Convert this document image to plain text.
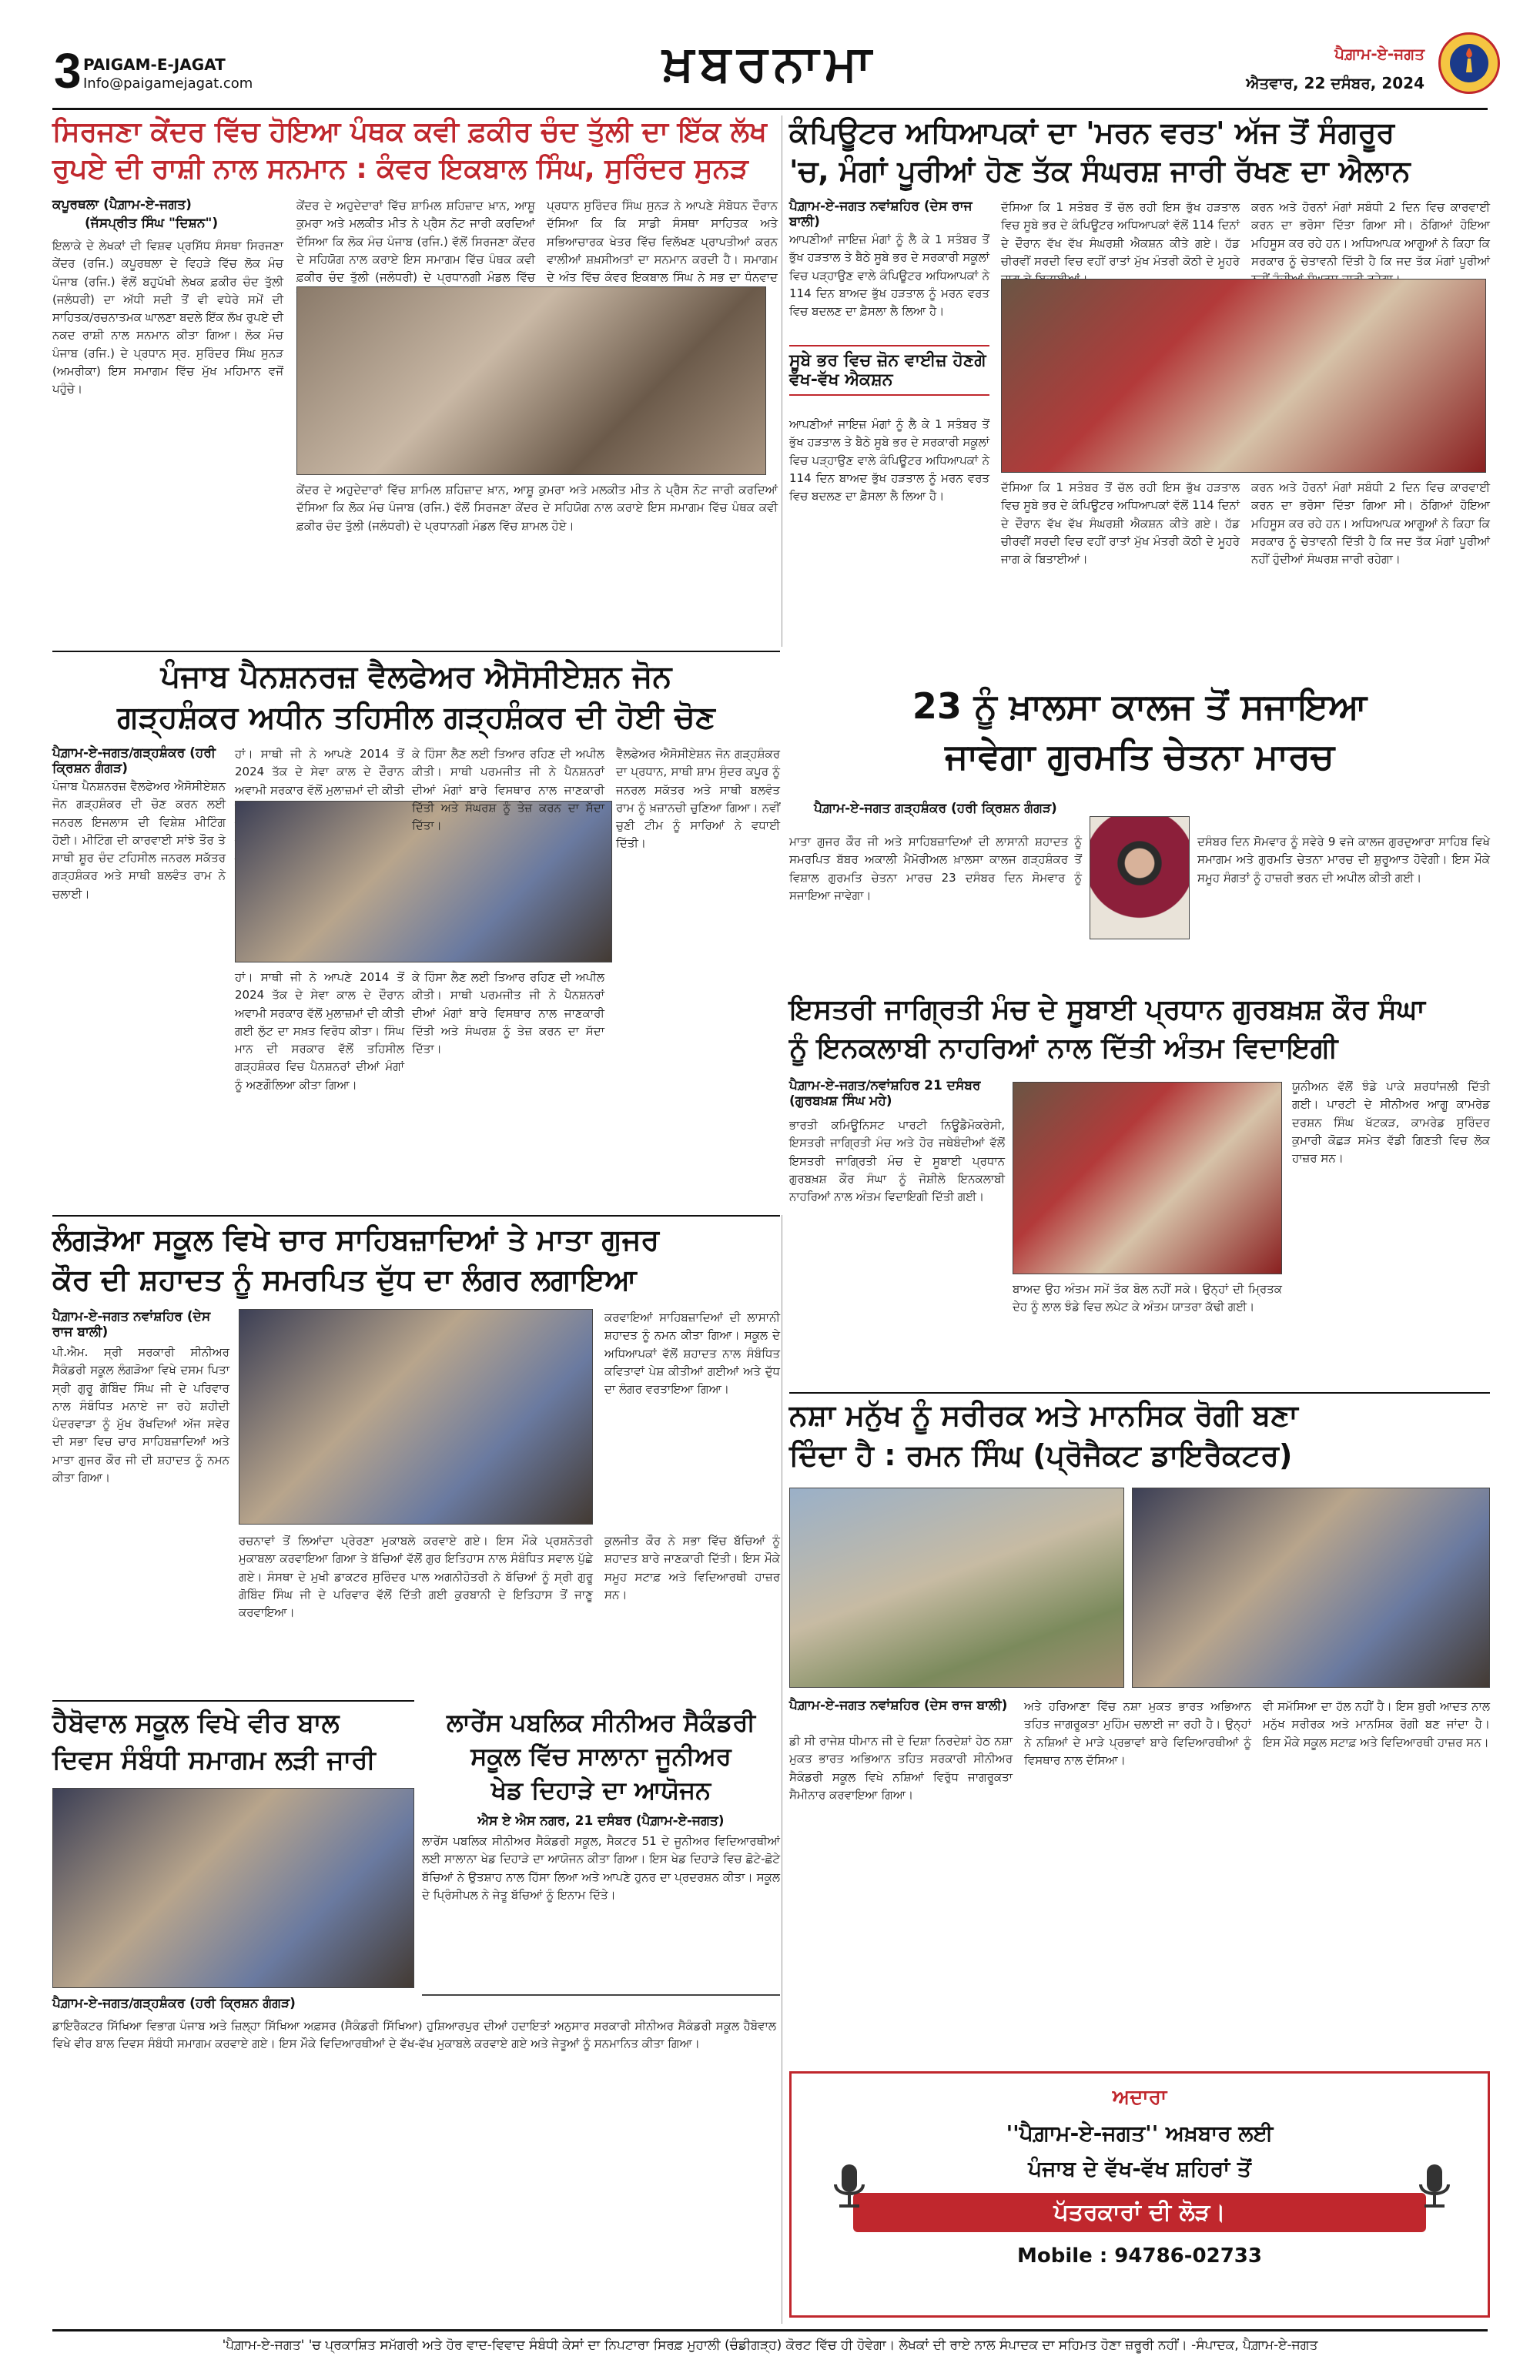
3 PAIGAM-E-JAGAT
Info@paigamejagat.com	ਖ਼ਬਰਨਾਮਾ	ਪੈਗ਼ਾਮ-ਏ-ਜਗਤ
ਐਤਵਾਰ, 22 ਦਸੰਬਰ, 2024
ਸਿਰਜਣਾ ਕੇਂਦਰ ਵਿੱਚ ਹੋਇਆ ਪੰਥਕ ਕਵੀ ਫ਼ਕੀਰ ਚੰਦ ਤੁੱਲੀ ਦਾ ਇੱਕ ਲੱਖ
ਰੁਪਏ ਦੀ ਰਾਸ਼ੀ ਨਾਲ ਸਨਮਾਨ : ਕੰਵਰ ਇਕਬਾਲ ਸਿੰਘ, ਸੁਰਿੰਦਰ ਸੁਨੜ
ਕਪੂਰਥਲਾ (ਪੈਗ਼ਾਮ-ਏ-ਜਗਤ)
(ਜੱਸਪ੍ਰੀਤ ਸਿੰਘ "ਦਿਸ਼ਨ")
ਇਲਾਕੇ ਦੇ ਲੇਖਕਾਂ ਦੀ ਵਿਸ਼ਵ ਪ੍ਰਸਿੱਧ ਸੰਸਥਾ ਸਿਰਜਣਾ ਕੇਂਦਰ (ਰਜਿ.) ਕਪੂਰਥਲਾ ਦੇ ਵਿਹੜੇ ਵਿੱਚ ਲੋਕ ਮੰਚ ਪੰਜਾਬ (ਰਜਿ.) ਵੱਲੋਂ ਬਹੁਪੱਖੀ ਲੇਖਕ ਫ਼ਕੀਰ ਚੰਦ ਤੁੱਲੀ (ਜਲੰਧਰੀ) ਦਾ ਅੱਧੀ ਸਦੀ ਤੋਂ ਵੀ ਵਧੇਰੇ ਸਮੇਂ ਦੀ ਸਾਹਿਤਕ/ਰਚਨਾਤਮਕ ਘਾਲਣਾ ਬਦਲੇ ਇੱਕ ਲੱਖ ਰੁਪਏ ਦੀ ਨਕਦ ਰਾਸ਼ੀ ਨਾਲ ਸਨਮਾਨ ਕੀਤਾ ਗਿਆ। ਲੋਕ ਮੰਚ ਪੰਜਾਬ (ਰਜਿ.) ਦੇ ਪ੍ਰਧਾਨ ਸ੍ਰ. ਸੁਰਿੰਦਰ ਸਿੰਘ ਸੁਨੜ (ਅਮਰੀਕਾ) ਇਸ ਸਮਾਗਮ ਵਿੱਚ ਮੁੱਖ ਮਹਿਮਾਨ ਵਜੋਂ ਪਹੁੰਚੇ।
ਕੇਂਦਰ ਦੇ ਅਹੁਦੇਦਾਰਾਂ ਵਿੱਚ ਸ਼ਾਮਿਲ ਸ਼ਹਿਜ਼ਾਦ ਖ਼ਾਨ, ਆਸ਼ੂ ਕੁਮਰਾ ਅਤੇ ਮਲਕੀਤ ਮੀਤ ਨੇ ਪ੍ਰੈਸ ਨੋਟ ਜਾਰੀ ਕਰਦਿਆਂ ਦੱਸਿਆ ਕਿ ਲੋਕ ਮੰਚ ਪੰਜਾਬ (ਰਜਿ.) ਵੱਲੋਂ ਸਿਰਜਣਾ ਕੇਂਦਰ ਦੇ ਸਹਿਯੋਗ ਨਾਲ ਕਰਾਏ ਇਸ ਸਮਾਗਮ ਵਿੱਚ ਪੰਥਕ ਕਵੀ ਫ਼ਕੀਰ ਚੰਦ ਤੁੱਲੀ (ਜਲੰਧਰੀ) ਦੇ ਪ੍ਰਧਾਨਗੀ ਮੰਡਲ ਵਿੱਚ
ਪ੍ਰਧਾਨ ਸੁਰਿੰਦਰ ਸਿੰਘ ਸੁਨੜ ਨੇ ਆਪਣੇ ਸੰਬੋਧਨ ਦੌਰਾਨ ਦੱਸਿਆ ਕਿ ਕਿ ਸਾਡੀ ਸੰਸਥਾ ਸਾਹਿਤਕ ਅਤੇ ਸਭਿਆਚਾਰਕ ਖੇਤਰ ਵਿੱਚ ਵਿਲੱਖਣ ਪ੍ਰਾਪਤੀਆਂ ਕਰਨ ਵਾਲੀਆਂ ਸ਼ਖ਼ਸੀਅਤਾਂ ਦਾ ਸਨਮਾਨ ਕਰਦੀ ਹੈ। ਸਮਾਗਮ ਦੇ ਅੰਤ ਵਿੱਚ ਕੰਵਰ ਇਕਬਾਲ ਸਿੰਘ ਨੇ ਸਭ ਦਾ ਧੰਨਵਾਦ
ਕੇਂਦਰ ਦੇ ਅਹੁਦੇਦਾਰਾਂ ਵਿੱਚ ਸ਼ਾਮਿਲ ਸ਼ਹਿਜ਼ਾਦ ਖ਼ਾਨ, ਆਸ਼ੂ ਕੁਮਰਾ ਅਤੇ ਮਲਕੀਤ ਮੀਤ ਨੇ ਪ੍ਰੈਸ ਨੋਟ ਜਾਰੀ ਕਰਦਿਆਂ ਦੱਸਿਆ ਕਿ ਲੋਕ ਮੰਚ ਪੰਜਾਬ (ਰਜਿ.) ਵੱਲੋਂ ਸਿਰਜਣਾ ਕੇਂਦਰ ਦੇ ਸਹਿਯੋਗ ਨਾਲ ਕਰਾਏ ਇਸ ਸਮਾਗਮ ਵਿੱਚ ਪੰਥਕ ਕਵੀ ਫ਼ਕੀਰ ਚੰਦ ਤੁੱਲੀ (ਜਲੰਧਰੀ) ਦੇ ਪ੍ਰਧਾਨਗੀ ਮੰਡਲ ਵਿੱਚ ਸ਼ਾਮਲ ਹੋਏ।
ਕੰਪਿਊਟਰ ਅਧਿਆਪਕਾਂ ਦਾ 'ਮਰਨ ਵਰਤ' ਅੱਜ ਤੋਂ ਸੰਗਰੂਰ
'ਚ, ਮੰਗਾਂ ਪੂਰੀਆਂ ਹੋਣ ਤੱਕ ਸੰਘਰਸ਼ ਜਾਰੀ ਰੱਖਣ ਦਾ ਐਲਾਨ
ਪੈਗ਼ਾਮ-ਏ-ਜਗਤ ਨਵਾਂਸ਼ਹਿਰ (ਦੇਸ ਰਾਜ ਬਾਲੀ)
ਆਪਣੀਆਂ ਜਾਇਜ਼ ਮੰਗਾਂ ਨੂੰ ਲੈ ਕੇ 1 ਸਤੰਬਰ ਤੋਂ ਭੁੱਖ ਹੜਤਾਲ ਤੇ ਬੈਠੇ ਸੂਬੇ ਭਰ ਦੇ ਸਰਕਾਰੀ ਸਕੂਲਾਂ ਵਿਚ ਪੜ੍ਹਾਉਣ ਵਾਲੇ ਕੰਪਿਊਟਰ ਅਧਿਆਪਕਾਂ ਨੇ 114 ਦਿਨ ਬਾਅਦ ਭੁੱਖ ਹੜਤਾਲ ਨੂੰ ਮਰਨ ਵਰਤ ਵਿਚ ਬਦਲਣ ਦਾ ਫ਼ੈਸਲਾ ਲੈ ਲਿਆ ਹੈ।
ਸੂਬੇ ਭਰ ਵਿਚ ਜ਼ੋਨ ਵਾਈਜ਼ ਹੋਣਗੇ ਵੱਖ-ਵੱਖ ਐਕਸ਼ਨ
ਆਪਣੀਆਂ ਜਾਇਜ਼ ਮੰਗਾਂ ਨੂੰ ਲੈ ਕੇ 1 ਸਤੰਬਰ ਤੋਂ ਭੁੱਖ ਹੜਤਾਲ ਤੇ ਬੈਠੇ ਸੂਬੇ ਭਰ ਦੇ ਸਰਕਾਰੀ ਸਕੂਲਾਂ ਵਿਚ ਪੜ੍ਹਾਉਣ ਵਾਲੇ ਕੰਪਿਊਟਰ ਅਧਿਆਪਕਾਂ ਨੇ 114 ਦਿਨ ਬਾਅਦ ਭੁੱਖ ਹੜਤਾਲ ਨੂੰ ਮਰਨ ਵਰਤ ਵਿਚ ਬਦਲਣ ਦਾ ਫ਼ੈਸਲਾ ਲੈ ਲਿਆ ਹੈ।
ਦੱਸਿਆ ਕਿ 1 ਸਤੰਬਰ ਤੋਂ ਚੱਲ ਰਹੀ ਇਸ ਭੁੱਖ ਹੜਤਾਲ ਵਿਚ ਸੂਬੇ ਭਰ ਦੇ ਕੰਪਿਊਟਰ ਅਧਿਆਪਕਾਂ ਵੱਲੋਂ 114 ਦਿਨਾਂ ਦੇ ਦੌਰਾਨ ਵੱਖ ਵੱਖ ਸੰਘਰਸ਼ੀ ਐਕਸ਼ਨ ਕੀਤੇ ਗਏ। ਹੱਡ ਚੀਰਵੀਂ ਸਰਦੀ ਵਿਚ ਵਹੀਂ ਰਾਤਾਂ ਮੁੱਖ ਮੰਤਰੀ ਕੋਠੀ ਦੇ ਮੂਹਰੇ
ਕਰਨ ਅਤੇ ਹੋਰਨਾਂ ਮੰਗਾਂ ਸਬੰਧੀ 2 ਦਿਨ ਵਿਚ ਕਾਰਵਾਈ ਕਰਨ ਦਾ ਭਰੋਸਾ ਦਿੱਤਾ ਗਿਆ ਸੀ। ਠੋਗਿਆਂ ਹੋਇਆ ਮਹਿਸੂਸ ਕਰ ਰਹੇ ਹਨ। ਅਧਿਆਪਕ ਆਗੂਆਂ ਨੇ ਕਿਹਾ ਕਿ ਸਰਕਾਰ ਨੂੰ ਚੇਤਾਵਨੀ ਦਿੱਤੀ ਹੈ ਕਿ ਜਦ ਤੱਕ ਮੰਗਾਂ ਪੂਰੀਆਂ
ਦੱਸਿਆ ਕਿ 1 ਸਤੰਬਰ ਤੋਂ ਚੱਲ ਰਹੀ ਇਸ ਭੁੱਖ ਹੜਤਾਲ ਵਿਚ ਸੂਬੇ ਭਰ ਦੇ ਕੰਪਿਊਟਰ ਅਧਿਆਪਕਾਂ ਵੱਲੋਂ 114 ਦਿਨਾਂ ਦੇ ਦੌਰਾਨ ਵੱਖ ਵੱਖ ਸੰਘਰਸ਼ੀ ਐਕਸ਼ਨ ਕੀਤੇ ਗਏ। ਹੱਡ ਚੀਰਵੀਂ ਸਰਦੀ ਵਿਚ ਵਹੀਂ ਰਾਤਾਂ ਮੁੱਖ ਮੰਤਰੀ ਕੋਠੀ ਦੇ ਮੂਹਰੇ ਜਾਗ ਕੇ ਬਿਤਾਈਆਂ।
ਕਰਨ ਅਤੇ ਹੋਰਨਾਂ ਮੰਗਾਂ ਸਬੰਧੀ 2 ਦਿਨ ਵਿਚ ਕਾਰਵਾਈ ਕਰਨ ਦਾ ਭਰੋਸਾ ਦਿੱਤਾ ਗਿਆ ਸੀ। ਠੋਗਿਆਂ ਹੋਇਆ ਮਹਿਸੂਸ ਕਰ ਰਹੇ ਹਨ। ਅਧਿਆਪਕ ਆਗੂਆਂ ਨੇ ਕਿਹਾ ਕਿ ਸਰਕਾਰ ਨੂੰ ਚੇਤਾਵਨੀ ਦਿੱਤੀ ਹੈ ਕਿ ਜਦ ਤੱਕ ਮੰਗਾਂ ਪੂਰੀਆਂ ਨਹੀਂ ਹੁੰਦੀਆਂ ਸੰਘਰਸ਼ ਜਾਰੀ ਰਹੇਗਾ।
ਪੰਜਾਬ ਪੈਨਸ਼ਨਰਜ਼ ਵੈਲਫੇਅਰ ਐਸੋਸੀਏਸ਼ਨ ਜੋਨ
ਗੜ੍ਹਸ਼ੰਕਰ ਅਧੀਨ ਤਹਿਸੀਲ ਗੜ੍ਹਸ਼ੰਕਰ ਦੀ ਹੋਈ ਚੋਣ
ਪੈਗ਼ਾਮ-ਏ-ਜਗਤ/ਗੜ੍ਹਸ਼ੰਕਰ (ਹਰੀ ਕ੍ਰਿਸ਼ਨ ਗੰਗੜ)
ਪੰਜਾਬ ਪੈਨਸ਼ਨਰਜ਼ ਵੈਲਫੇਅਰ ਐਸੋਸੀਏਸ਼ਨ ਜੋਨ ਗੜ੍ਹਸ਼ੰਕਰ ਦੀ ਚੋਣ ਕਰਨ ਲਈ ਜਨਰਲ ਇਜਲਾਸ ਦੀ ਵਿਸ਼ੇਸ਼ ਮੀਟਿੰਗ ਹੋਈ। ਮੀਟਿੰਗ ਦੀ ਕਾਰਵਾਈ ਸਾਂਝੇ ਤੌਰ ਤੇ ਸਾਥੀ ਸ਼ੂਰ ਚੰਦ ਟਹਿਸੀਲ ਜਨਰਲ ਸਕੱਤਰ ਗੜ੍ਹਸ਼ੰਕਰ ਅਤੇ ਸਾਥੀ ਬਲਵੰਤ ਰਾਮ ਨੇ ਚਲਾਈ।
ਹਾਂ। ਸਾਥੀ ਜੀ ਨੇ ਆਪਣੇ 2014 ਤੋਂ 2024 ਤੱਕ ਦੇ ਸੇਵਾ ਕਾਲ ਦੇ ਦੌਰਾਨ ਅਵਾਮੀ ਸਰਕਾਰ ਵੱਲੋਂ ਮੁਲਾਜ਼ਮਾਂ ਦੀ ਕੀਤੀ
ਹਾਂ। ਸਾਥੀ ਜੀ ਨੇ ਆਪਣੇ 2014 ਤੋਂ 2024 ਤੱਕ ਦੇ ਸੇਵਾ ਕਾਲ ਦੇ ਦੌਰਾਨ ਅਵਾਮੀ ਸਰਕਾਰ ਵੱਲੋਂ ਮੁਲਾਜ਼ਮਾਂ ਦੀ ਕੀਤੀ ਗਈ ਲੁੱਟ ਦਾ ਸਖ਼ਤ ਵਿਰੋਧ ਕੀਤਾ। ਸਿੰਘ ਮਾਨ ਦੀ ਸਰਕਾਰ ਵੱਲੋਂ ਤਹਿਸੀਲ ਗੜ੍ਹਸ਼ੰਕਰ ਵਿਚ ਪੈਨਸ਼ਨਰਾਂ ਦੀਆਂ ਮੰਗਾਂ ਨੂੰ ਅਣਗੌਲਿਆ ਕੀਤਾ ਗਿਆ।
ਕੇ ਹਿੰਸਾ ਲੈਣ ਲਈ ਤਿਆਰ ਰਹਿਣ ਦੀ ਅਪੀਲ ਕੀਤੀ। ਸਾਥੀ ਪਰਮਜੀਤ ਜੀ ਨੇ ਪੈਨਸ਼ਨਰਾਂ ਦੀਆਂ ਮੰਗਾਂ ਬਾਰੇ ਵਿਸਥਾਰ ਨਾਲ ਜਾਣਕਾਰੀ ਦਿੱਤੀ ਅਤੇ ਸੰਘਰਸ਼ ਨੂੰ ਤੇਜ਼ ਕਰਨ ਦਾ ਸੱਦਾ ਦਿੱਤਾ।
ਕੇ ਹਿੰਸਾ ਲੈਣ ਲਈ ਤਿਆਰ ਰਹਿਣ ਦੀ ਅਪੀਲ ਕੀਤੀ। ਸਾਥੀ ਪਰਮਜੀਤ ਜੀ ਨੇ ਪੈਨਸ਼ਨਰਾਂ ਦੀਆਂ ਮੰਗਾਂ ਬਾਰੇ ਵਿਸਥਾਰ ਨਾਲ ਜਾਣਕਾਰੀ ਦਿੱਤੀ ਅਤੇ ਸੰਘਰਸ਼ ਨੂੰ ਤੇਜ਼ ਕਰਨ ਦਾ ਸੱਦਾ ਦਿੱਤਾ।
ਵੈਲਫੇਅਰ ਐਸੋਸੀਏਸ਼ਨ ਜੋਨ ਗੜ੍ਹਸ਼ੰਕਰ ਦਾ ਪ੍ਰਧਾਨ, ਸਾਥੀ ਸ਼ਾਮ ਸੁੰਦਰ ਕਪੂਰ ਨੂੰ ਜਨਰਲ ਸਕੱਤਰ ਅਤੇ ਸਾਥੀ ਬਲਵੰਤ ਰਾਮ ਨੂੰ ਖ਼ਜ਼ਾਨਚੀ ਚੁਣਿਆ ਗਿਆ। ਨਵੀਂ ਚੁਣੀ ਟੀਮ ਨੂੰ ਸਾਰਿਆਂ ਨੇ ਵਧਾਈ ਦਿੱਤੀ।
23 ਨੂੰ ਖ਼ਾਲਸਾ ਕਾਲਜ ਤੋਂ ਸਜਾਇਆ
ਜਾਵੇਗਾ ਗੁਰਮਤਿ ਚੇਤਨਾ ਮਾਰਚ
ਪੈਗ਼ਾਮ-ਏ-ਜਗਤ ਗੜ੍ਹਸ਼ੰਕਰ (ਹਰੀ ਕ੍ਰਿਸ਼ਨ ਗੰਗੜ)
ਮਾਤਾ ਗੁਜਰ ਕੌਰ ਜੀ ਅਤੇ ਸਾਹਿਬਜ਼ਾਦਿਆਂ ਦੀ ਲਾਸਾਨੀ ਸ਼ਹਾਦਤ ਨੂੰ ਸਮਰਪਿਤ ਬੱਬਰ ਅਕਾਲੀ ਮੈਮੋਰੀਅਲ ਖ਼ਾਲਸਾ ਕਾਲਜ ਗੜ੍ਹਸ਼ੰਕਰ ਤੋਂ ਵਿਸ਼ਾਲ ਗੁਰਮਤਿ ਚੇਤਨਾ ਮਾਰਚ 23 ਦਸੰਬਰ ਦਿਨ ਸੋਮਵਾਰ ਨੂੰ ਸਜਾਇਆ ਜਾਵੇਗਾ।
ਦਸੰਬਰ ਦਿਨ ਸੋਮਵਾਰ ਨੂੰ ਸਵੇਰੇ 9 ਵਜੇ ਕਾਲਜ ਗੁਰਦੁਆਰਾ ਸਾਹਿਬ ਵਿਖੇ ਸਮਾਗਮ ਅਤੇ ਗੁਰਮਤਿ ਚੇਤਨਾ ਮਾਰਚ ਦੀ ਸ਼ੁਰੂਆਤ ਹੋਵੇਗੀ। ਇਸ ਮੌਕੇ ਸਮੂਹ ਸੰਗਤਾਂ ਨੂੰ ਹਾਜ਼ਰੀ ਭਰਨ ਦੀ ਅਪੀਲ ਕੀਤੀ ਗਈ।
ਇਸਤਰੀ ਜਾਗ੍ਰਿਤੀ ਮੰਚ ਦੇ ਸੂਬਾਈ ਪ੍ਰਧਾਨ ਗੁਰਬਖ਼ਸ਼ ਕੌਰ ਸੰਘਾ
ਨੂੰ ਇਨਕਲਾਬੀ ਨਾਹਰਿਆਂ ਨਾਲ ਦਿੱਤੀ ਅੰਤਮ ਵਿਦਾਇਗੀ
ਪੈਗ਼ਾਮ-ਏ-ਜਗਤ/ਨਵਾਂਸ਼ਹਿਰ 21 ਦਸੰਬਰ (ਗੁਰਬਖ਼ਸ਼ ਸਿੰਘ ਮਹੇ)
ਭਾਰਤੀ ਕਮਿਊਨਿਸਟ ਪਾਰਟੀ ਨਿਊਡੈਮੋਕਰੇਸੀ, ਇਸਤਰੀ ਜਾਗ੍ਰਿਤੀ ਮੰਚ ਅਤੇ ਹੋਰ ਜਥੇਬੰਦੀਆਂ ਵੱਲੋਂ ਇਸਤਰੀ ਜਾਗ੍ਰਿਤੀ ਮੰਚ ਦੇ ਸੂਬਾਈ ਪ੍ਰਧਾਨ ਗੁਰਬਖ਼ਸ਼ ਕੌਰ ਸੰਘਾ ਨੂੰ ਜੋਸ਼ੀਲੇ ਇਨਕਲਾਬੀ ਨਾਹਰਿਆਂ ਨਾਲ ਅੰਤਮ ਵਿਦਾਇਗੀ ਦਿੱਤੀ ਗਈ।
ਬਾਅਦ ਉਹ ਅੰਤਮ ਸਮੇਂ ਤੱਕ ਬੋਲ ਨਹੀਂ ਸਕੇ। ਉਨ੍ਹਾਂ ਦੀ ਮ੍ਰਿਤਕ ਦੇਹ ਨੂੰ ਲਾਲ ਝੰਡੇ ਵਿਚ ਲਪੇਟ ਕੇ ਅੰਤਮ ਯਾਤਰਾ ਕੱਢੀ ਗਈ।
ਯੂਨੀਅਨ ਵੱਲੋਂ ਝੰਡੇ ਪਾਕੇ ਸ਼ਰਧਾਂਜਲੀ ਦਿੱਤੀ ਗਈ। ਪਾਰਟੀ ਦੇ ਸੀਨੀਅਰ ਆਗੂ ਕਾਮਰੇਡ ਦਰਸ਼ਨ ਸਿੰਘ ਖੱਟਕੜ, ਕਾਮਰੇਡ ਸੁਰਿੰਦਰ ਕੁਮਾਰੀ ਕੋਛੜ ਸਮੇਤ ਵੱਡੀ ਗਿਣਤੀ ਵਿਚ ਲੋਕ ਹਾਜ਼ਰ ਸਨ।
ਲੰਗੜੋਆ ਸਕੂਲ ਵਿਖੇ ਚਾਰ ਸਾਹਿਬਜ਼ਾਦਿਆਂ ਤੇ ਮਾਤਾ ਗੁਜਰ
ਕੌਰ ਦੀ ਸ਼ਹਾਦਤ ਨੂੰ ਸਮਰਪਿਤ ਦੁੱਧ ਦਾ ਲੰਗਰ ਲਗਾਇਆ
ਪੈਗ਼ਾਮ-ਏ-ਜਗਤ ਨਵਾਂਸ਼ਹਿਰ (ਦੇਸ ਰਾਜ ਬਾਲੀ)
ਪੀ.ਐਮ. ਸ੍ਰੀ ਸਰਕਾਰੀ ਸੀਨੀਅਰ ਸੈਕੰਡਰੀ ਸਕੂਲ ਲੰਗੜੋਆ ਵਿਖੇ ਦਸਮ ਪਿਤਾ ਸ੍ਰੀ ਗੁਰੂ ਗੋਬਿੰਦ ਸਿੰਘ ਜੀ ਦੇ ਪਰਿਵਾਰ ਨਾਲ ਸੰਬੰਧਿਤ ਮਨਾਏ ਜਾ ਰਹੇ ਸ਼ਹੀਦੀ ਪੰਦਰਵਾੜਾ ਨੂੰ ਮੁੱਖ ਰੱਖਦਿਆਂ ਅੱਜ ਸਵੇਰ ਦੀ ਸਭਾ ਵਿਚ ਚਾਰ ਸਾਹਿਬਜ਼ਾਦਿਆਂ ਅਤੇ ਮਾਤਾ ਗੁਜਰ ਕੌਰ ਜੀ ਦੀ ਸ਼ਹਾਦਤ ਨੂੰ ਨਮਨ ਕੀਤਾ ਗਿਆ।
ਰਚਨਾਵਾਂ ਤੋਂ ਲਿਆਂਦਾ ਪ੍ਰੇਰਣਾ ਮੁਕਾਬਲੇ ਕਰਵਾਏ ਗਏ। ਇਸ ਮੌਕੇ ਪ੍ਰਸ਼ਨੋਤਰੀ ਮੁਕਾਬਲਾ ਕਰਵਾਇਆ ਗਿਆ ਤੇ ਬੱਚਿਆਂ ਵੱਲੋਂ ਗੁਰ ਇਤਿਹਾਸ ਨਾਲ ਸੰਬੰਧਿਤ ਸਵਾਲ ਪੁੱਛੇ ਗਏ। ਸੰਸਥਾ ਦੇ ਮੁਖੀ ਡਾਕਟਰ ਸੁਰਿੰਦਰ ਪਾਲ ਅਗਨੀਹੋਤਰੀ ਨੇ ਬੱਚਿਆਂ ਨੂੰ ਸ੍ਰੀ ਗੁਰੂ ਗੋਬਿੰਦ ਸਿੰਘ ਜੀ ਦੇ ਪਰਿਵਾਰ ਵੱਲੋਂ ਦਿੱਤੀ ਗਈ ਕੁਰਬਾਨੀ ਦੇ ਇਤਿਹਾਸ ਤੋਂ ਜਾਣੂ ਕਰਵਾਇਆ।
ਕਰਵਾਇਆਂ ਸਾਹਿਬਜ਼ਾਦਿਆਂ ਦੀ ਲਾਸਾਨੀ ਸ਼ਹਾਦਤ ਨੂੰ ਨਮਨ ਕੀਤਾ ਗਿਆ। ਸਕੂਲ ਦੇ ਅਧਿਆਪਕਾਂ ਵੱਲੋਂ ਸ਼ਹਾਦਤ ਨਾਲ ਸੰਬੰਧਿਤ ਕਵਿਤਾਵਾਂ ਪੇਸ਼ ਕੀਤੀਆਂ ਗਈਆਂ ਅਤੇ ਦੁੱਧ ਦਾ ਲੰਗਰ ਵਰਤਾਇਆ ਗਿਆ।
ਕੁਲਜੀਤ ਕੌਰ ਨੇ ਸਭਾ ਵਿੱਚ ਬੱਚਿਆਂ ਨੂੰ ਸ਼ਹਾਦਤ ਬਾਰੇ ਜਾਣਕਾਰੀ ਦਿੱਤੀ। ਇਸ ਮੌਕੇ ਸਮੂਹ ਸਟਾਫ਼ ਅਤੇ ਵਿਦਿਆਰਥੀ ਹਾਜ਼ਰ ਸਨ।
ਨਸ਼ਾ ਮਨੁੱਖ ਨੂੰ ਸਰੀਰਕ ਅਤੇ ਮਾਨਸਿਕ ਰੋਗੀ ਬਣਾ
ਦਿੰਦਾ ਹੈ : ਰਮਨ ਸਿੰਘ (ਪ੍ਰੋਜੈਕਟ ਡਾਇਰੈਕਟਰ)
ਪੈਗ਼ਾਮ-ਏ-ਜਗਤ ਨਵਾਂਸ਼ਹਿਰ (ਦੇਸ ਰਾਜ ਬਾਲੀ)
ਡੀ ਸੀ ਰਾਜੇਸ਼ ਧੀਮਾਨ ਜੀ ਦੇ ਦਿਸ਼ਾ ਨਿਰਦੇਸ਼ਾਂ ਹੇਠ ਨਸ਼ਾ ਮੁਕਤ ਭਾਰਤ ਅਭਿਆਨ ਤਹਿਤ ਸਰਕਾਰੀ ਸੀਨੀਅਰ ਸੈਕੰਡਰੀ ਸਕੂਲ ਵਿਖੇ ਨਸ਼ਿਆਂ ਵਿਰੁੱਧ ਜਾਗਰੂਕਤਾ ਸੈਮੀਨਾਰ ਕਰਵਾਇਆ ਗਿਆ।
ਅਤੇ ਹਰਿਆਣਾ ਵਿੱਚ ਨਸ਼ਾ ਮੁਕਤ ਭਾਰਤ ਅਭਿਆਨ ਤਹਿਤ ਜਾਗਰੂਕਤਾ ਮੁਹਿੰਮ ਚਲਾਈ ਜਾ ਰਹੀ ਹੈ। ਉਨ੍ਹਾਂ ਨੇ ਨਸ਼ਿਆਂ ਦੇ ਮਾੜੇ ਪ੍ਰਭਾਵਾਂ ਬਾਰੇ ਵਿਦਿਆਰਥੀਆਂ ਨੂੰ ਵਿਸਥਾਰ ਨਾਲ ਦੱਸਿਆ।
ਵੀ ਸਮੱਸਿਆ ਦਾ ਹੱਲ ਨਹੀਂ ਹੈ। ਇਸ ਬੁਰੀ ਆਦਤ ਨਾਲ ਮਨੁੱਖ ਸਰੀਰਕ ਅਤੇ ਮਾਨਸਿਕ ਰੋਗੀ ਬਣ ਜਾਂਦਾ ਹੈ। ਇਸ ਮੌਕੇ ਸਕੂਲ ਸਟਾਫ਼ ਅਤੇ ਵਿਦਿਆਰਥੀ ਹਾਜ਼ਰ ਸਨ।
ਹੈਬੋਵਾਲ ਸਕੂਲ ਵਿਖੇ ਵੀਰ ਬਾਲ
ਦਿਵਸ ਸੰਬੰਧੀ ਸਮਾਗਮ ਲੜੀ ਜਾਰੀ
ਪੈਗ਼ਾਮ-ਏ-ਜਗਤ/ਗੜ੍ਹਸ਼ੰਕਰ (ਹਰੀ ਕ੍ਰਿਸ਼ਨ ਗੰਗੜ)
ਡਾਇਰੈਕਟਰ ਸਿੱਖਿਆ ਵਿਭਾਗ ਪੰਜਾਬ ਅਤੇ ਜ਼ਿਲ੍ਹਾ ਸਿੱਖਿਆ ਅਫ਼ਸਰ (ਸੈਕੰਡਰੀ ਸਿੱਖਿਆ) ਹੁਸ਼ਿਆਰਪੁਰ ਦੀਆਂ ਹਦਾਇਤਾਂ ਅਨੁਸਾਰ ਸਰਕਾਰੀ ਸੀਨੀਅਰ ਸੈਕੰਡਰੀ ਸਕੂਲ ਹੈਬੋਵਾਲ ਵਿਖੇ ਵੀਰ ਬਾਲ ਦਿਵਸ ਸੰਬੰਧੀ ਸਮਾਗਮ ਕਰਵਾਏ ਗਏ। ਇਸ ਮੌਕੇ ਵਿਦਿਆਰਥੀਆਂ ਦੇ ਵੱਖ-ਵੱਖ ਮੁਕਾਬਲੇ ਕਰਵਾਏ ਗਏ ਅਤੇ ਜੇਤੂਆਂ ਨੂੰ ਸਨਮਾਨਿਤ ਕੀਤਾ ਗਿਆ।
ਲਾਰੇਂਸ ਪਬਲਿਕ ਸੀਨੀਅਰ ਸੈਕੰਡਰੀ
ਸਕੂਲ ਵਿੱਚ ਸਾਲਾਨਾ ਜੂਨੀਅਰ
ਖੇਡ ਦਿਹਾੜੇ ਦਾ ਆਯੋਜਨ
ਐਸ ਏ ਐਸ ਨਗਰ, 21 ਦਸੰਬਰ (ਪੈਗ਼ਾਮ-ਏ-ਜਗਤ)
ਲਾਰੇਂਸ ਪਬਲਿਕ ਸੀਨੀਅਰ ਸੈਕੰਡਰੀ ਸਕੂਲ, ਸੈਕਟਰ 51 ਦੇ ਜੂਨੀਅਰ ਵਿਦਿਆਰਥੀਆਂ ਲਈ ਸਾਲਾਨਾ ਖੇਡ ਦਿਹਾੜੇ ਦਾ ਆਯੋਜਨ ਕੀਤਾ ਗਿਆ। ਇਸ ਖੇਡ ਦਿਹਾੜੇ ਵਿਚ ਛੋਟੇ-ਛੋਟੇ ਬੱਚਿਆਂ ਨੇ ਉਤਸ਼ਾਹ ਨਾਲ ਹਿੱਸਾ ਲਿਆ ਅਤੇ ਆਪਣੇ ਹੁਨਰ ਦਾ ਪ੍ਰਦਰਸ਼ਨ ਕੀਤਾ। ਸਕੂਲ ਦੇ ਪ੍ਰਿੰਸੀਪਲ ਨੇ ਜੇਤੂ ਬੱਚਿਆਂ ਨੂੰ ਇਨਾਮ ਦਿੱਤੇ।
ਅਦਾਰਾ
''ਪੈਗ਼ਾਮ-ਏ-ਜਗਤ'' ਅਖ਼ਬਾਰ ਲਈ
ਪੰਜਾਬ ਦੇ ਵੱਖ-ਵੱਖ ਸ਼ਹਿਰਾਂ ਤੋਂ
ਪੱਤਰਕਾਰਾਂ ਦੀ ਲੋੜ।
Mobile : 94786-02733
'ਪੈਗ਼ਾਮ-ਏ-ਜਗਤ' 'ਚ ਪ੍ਰਕਾਸ਼ਿਤ ਸਮੱਗਰੀ ਅਤੇ ਹੋਰ ਵਾਦ-ਵਿਵਾਦ ਸੰਬੰਧੀ ਕੇਸਾਂ ਦਾ ਨਿਪਟਾਰਾ ਸਿਰਫ਼ ਮੁਹਾਲੀ (ਚੰਡੀਗੜ੍ਹ) ਕੋਰਟ ਵਿੱਚ ਹੀ ਹੋਵੇਗਾ। ਲੇਖਕਾਂ ਦੀ ਰਾਏ ਨਾਲ ਸੰਪਾਦਕ ਦਾ ਸਹਿਮਤ ਹੋਣਾ ਜ਼ਰੂਰੀ ਨਹੀਂ। -ਸੰਪਾਦਕ, ਪੈਗ਼ਾਮ-ਏ-ਜਗਤ
